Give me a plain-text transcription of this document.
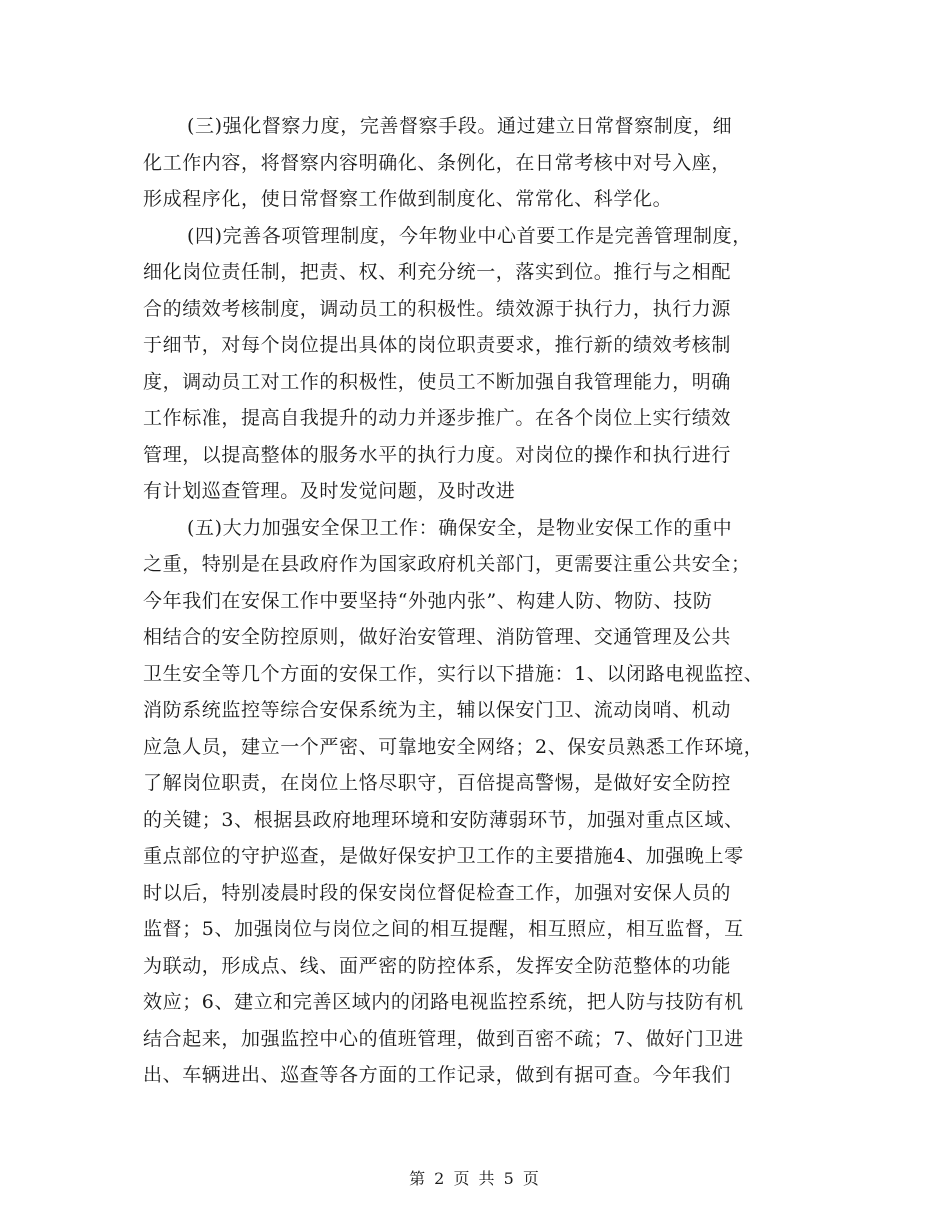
(三)强化督察力度，完善督察手段。通过建立日常督察制度，细
化工作内容，将督察内容明确化、条例化，在日常考核中对号入座，
形成程序化，使日常督察工作做到制度化、常常化、科学化。
(四)完善各项管理制度，今年物业中心首要工作是完善管理制度，
细化岗位责任制，把责、权、利充分统一，落实到位。推行与之相配
合的绩效考核制度，调动员工的积极性。绩效源于执行力，执行力源
于细节，对每个岗位提出具体的岗位职责要求，推行新的绩效考核制
度，调动员工对工作的积极性，使员工不断加强自我管理能力，明确
工作标准，提高自我提升的动力并逐步推广。在各个岗位上实行绩效
管理，以提高整体的服务水平的执行力度。对岗位的操作和执行进行
有计划巡查管理。及时发觉问题，及时改进
(五)大力加强安全保卫工作：确保安全，是物业安保工作的重中
之重，特别是在县政府作为国家政府机关部门，更需要注重公共安全；
今年我们在安保工作中要坚持“外弛内张”、构建人防、物防、技防
相结合的安全防控原则，做好治安管理、消防管理、交通管理及公共
卫生安全等几个方面的安保工作，实行以下措施：1、以闭路电视监控、
消防系统监控等综合安保系统为主，辅以保安门卫、流动岗哨、机动
应急人员，建立一个严密、可靠地安全网络；2、保安员熟悉工作环境，
了解岗位职责，在岗位上恪尽职守，百倍提高警惕，是做好安全防控
的关键；3、根据县政府地理环境和安防薄弱环节，加强对重点区域、
重点部位的守护巡查，是做好保安护卫工作的主要措施4、加强晚上零
时以后，特别凌晨时段的保安岗位督促检查工作，加强对安保人员的
监督；5、加强岗位与岗位之间的相互提醒，相互照应，相互监督，互
为联动，形成点、线、面严密的防控体系，发挥安全防范整体的功能
效应；6、建立和完善区域内的闭路电视监控系统，把人防与技防有机
结合起来，加强监控中心的值班管理，做到百密不疏；7、做好门卫进
出、车辆进出、巡查等各方面的工作记录，做到有据可查。今年我们
第 2 页 共 5 页
